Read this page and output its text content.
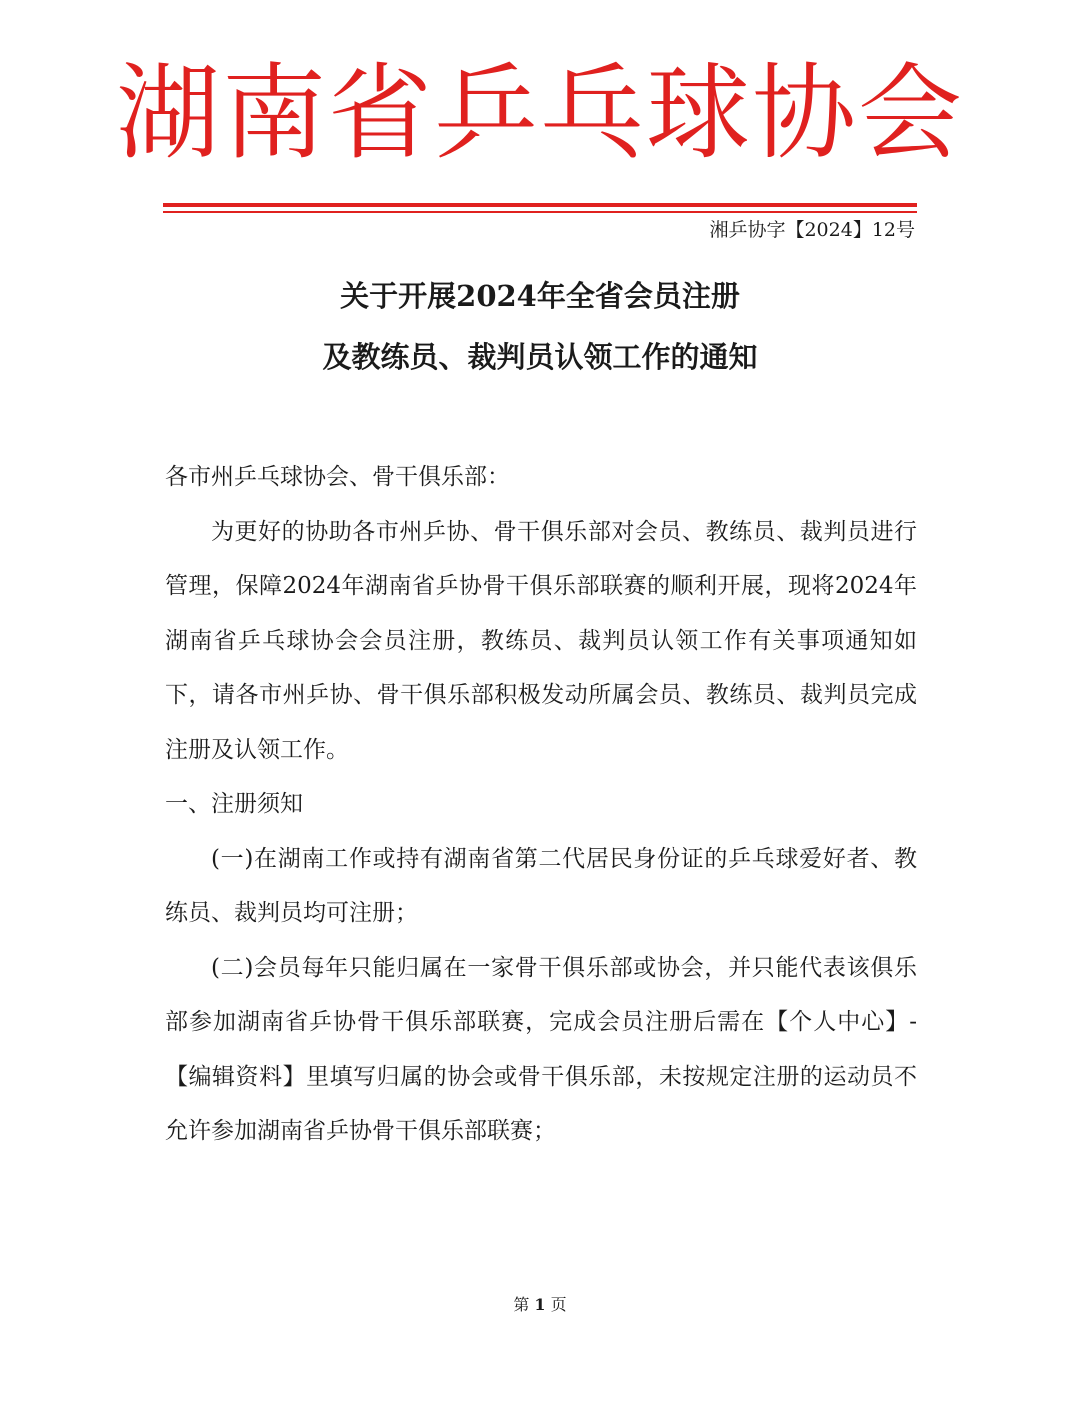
湖南省乒乓球协会
湘乒协字【2024】12号
关于开展2024年全省会员注册
及教练员、裁判员认领工作的通知

各市州乒乓球协会、骨干俱乐部：

为更好的协助各市州乒协、骨干俱乐部对会员、教练员、裁判员进行管理，保障2024年湖南省乒协骨干俱乐部联赛的顺利开展，现将2024年湖南省乒乓球协会会员注册，教练员、裁判员认领工作有关事项通知如下，请各市州乒协、骨干俱乐部积极发动所属会员、教练员、裁判员完成注册及认领工作。

一、注册须知

(一)在湖南工作或持有湖南省第二代居民身份证的乒乓球爱好者、教练员、裁判员均可注册；

(二)会员每年只能归属在一家骨干俱乐部或协会，并只能代表该俱乐部参加湖南省乒协骨干俱乐部联赛，完成会员注册后需在【个人中心】-【编辑资料】里填写归属的协会或骨干俱乐部，未按规定注册的运动员不允许参加湖南省乒协骨干俱乐部联赛；

第 1 页
